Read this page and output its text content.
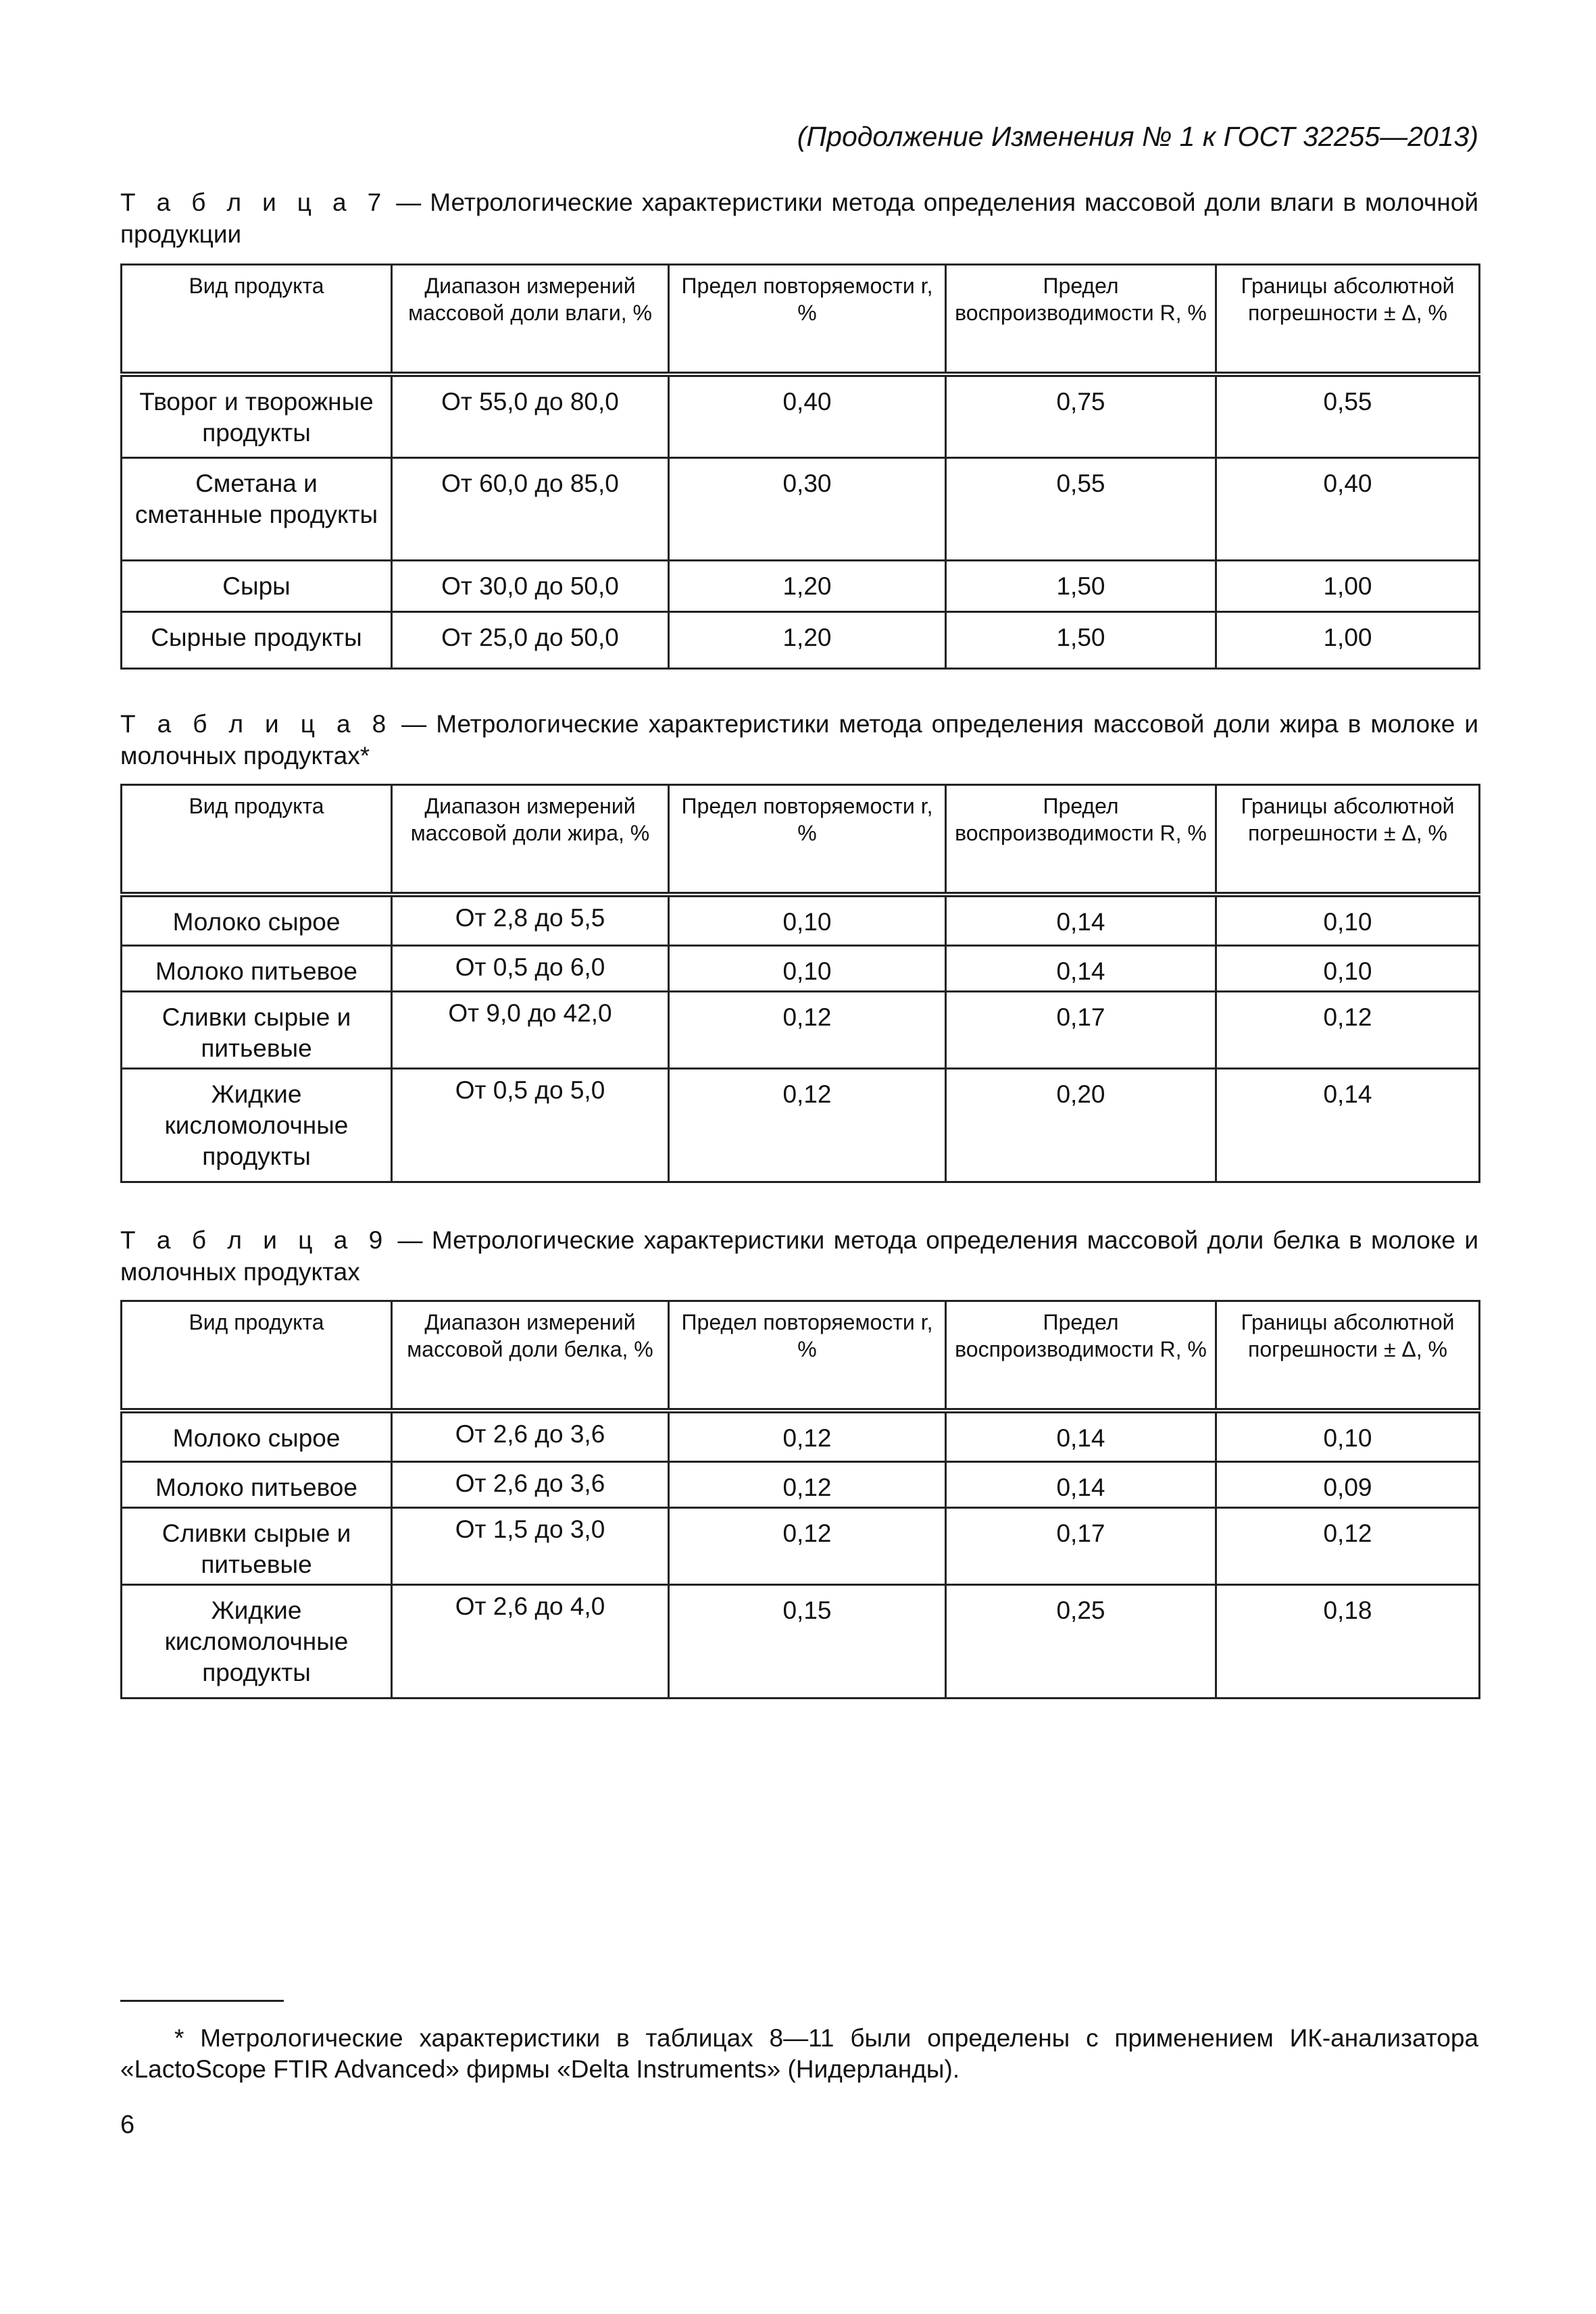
(Продолжение Изменения № 1 к ГОСТ 32255—2013)
Т а б л и ц а 7 — Метрологические характеристики метода определения массовой доли влаги в молочной продукции
Вид продукта	Диапазон измерений массовой доли влаги, %	Предел повторяемости r, %	Предел воспроизводимости R, %	Границы абсолютной погрешности ± Δ, %
Творог и творожные продукты	От 55,0 до 80,0	0,40	0,75	0,55
Сметана и сметанные продукты	От 60,0 до 85,0	0,30	0,55	0,40
Сыры	От 30,0 до 50,0	1,20	1,50	1,00
Сырные продукты	От 25,0 до 50,0	1,20	1,50	1,00
Т а б л и ц а 8 — Метрологические характеристики метода определения массовой доли жира в молоке и молочных продуктах*
Вид продукта	Диапазон измерений массовой доли жира, %	Предел повторяемости r, %	Предел воспроизводимости R, %	Границы абсолютной погрешности ± Δ, %
Молоко сырое	От 2,8 до 5,5	0,10	0,14	0,10
Молоко питьевое	От 0,5 до 6,0	0,10	0,14	0,10
Сливки сырые и питьевые	От 9,0 до 42,0	0,12	0,17	0,12
Жидкие кисломолочные продукты	От 0,5 до 5,0	0,12	0,20	0,14
Т а б л и ц а 9 — Метрологические характеристики метода определения массовой доли белка в молоке и молочных продуктах
Вид продукта	Диапазон измерений массовой доли белка, %	Предел повторяемости r, %	Предел воспроизводимости R, %	Границы абсолютной погрешности ± Δ, %
Молоко сырое	От 2,6 до 3,6	0,12	0,14	0,10
Молоко питьевое	От 2,6 до 3,6	0,12	0,14	0,09
Сливки сырые и питьевые	От 1,5 до 3,0	0,12	0,17	0,12
Жидкие кисломолочные продукты	От 2,6 до 4,0	0,15	0,25	0,18
* Метрологические характеристики в таблицах 8—11 были определены с применением ИК-анализатора «LactoScope FTIR Advanced» фирмы «Delta Instruments» (Нидерланды).
6
